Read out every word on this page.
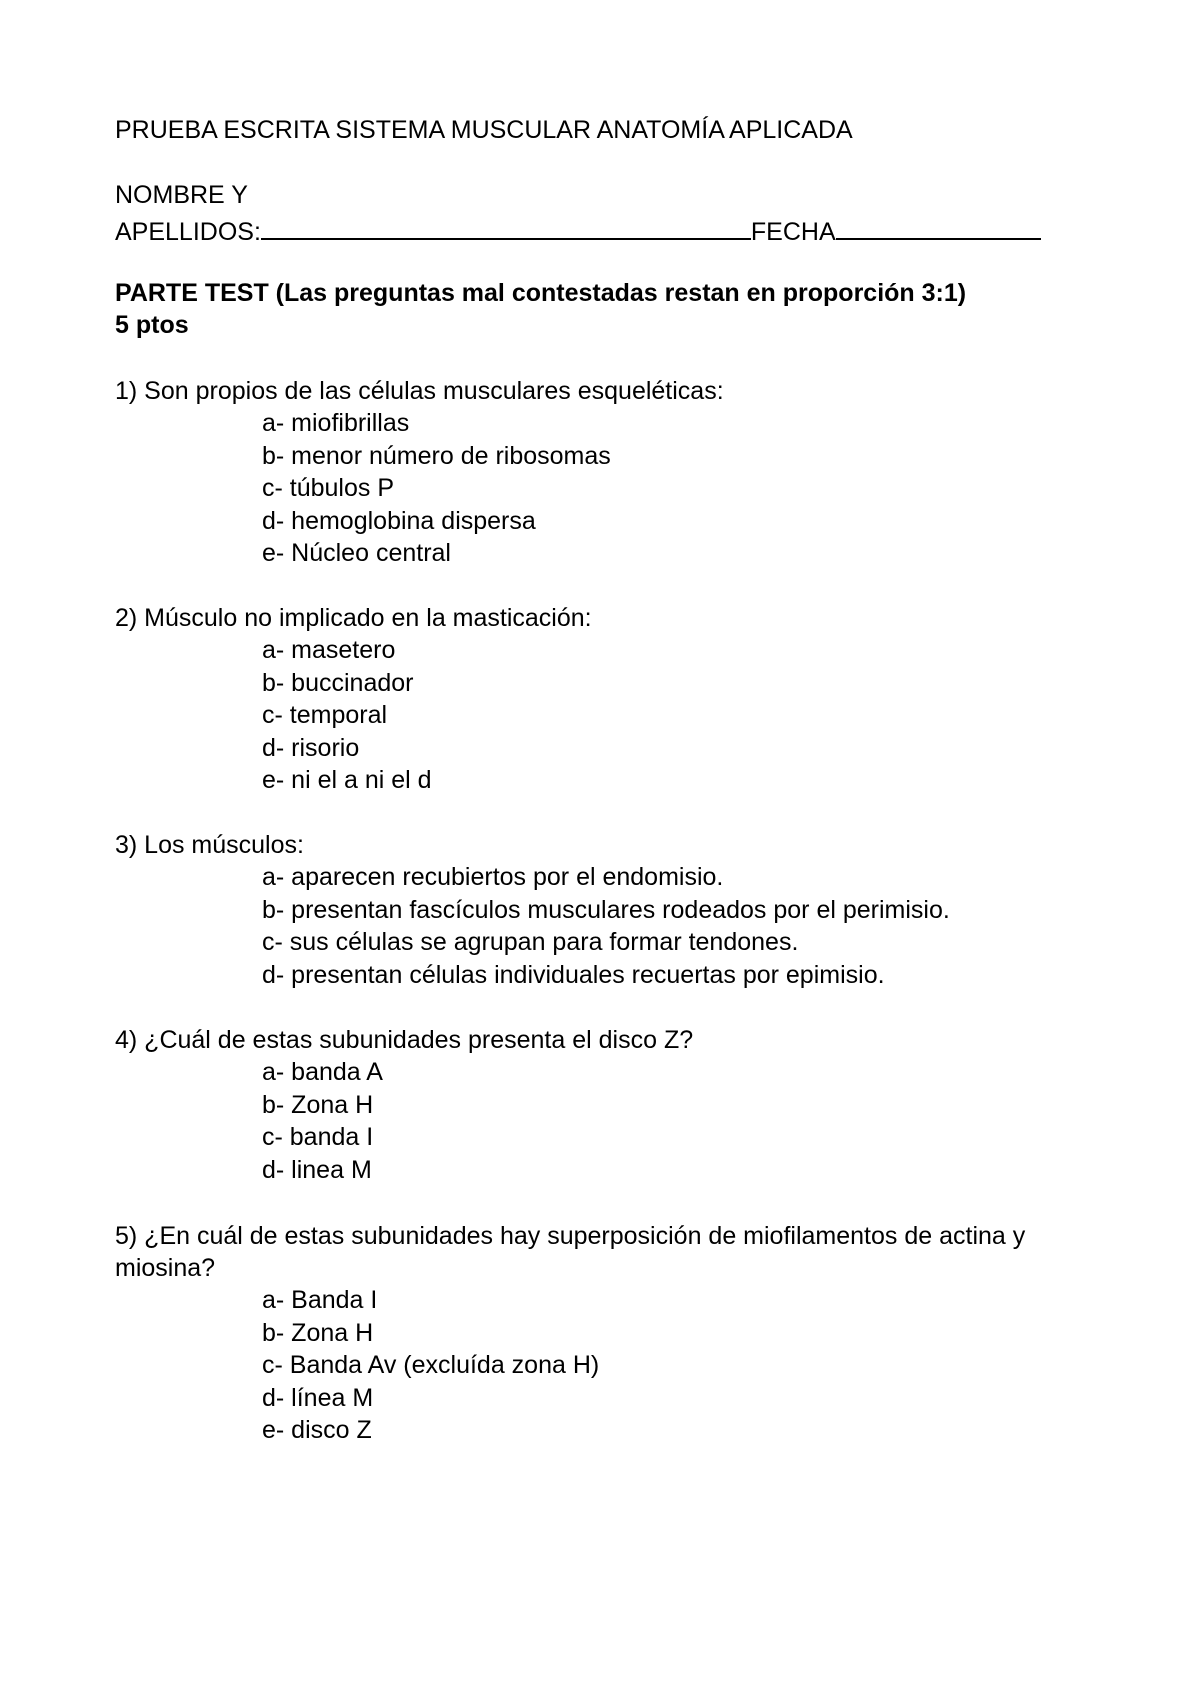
PRUEBA ESCRITA SISTEMA MUSCULAR ANATOMÍA APLICADA
NOMBRE Y
APELLIDOS:	FECHA
PARTE TEST (Las preguntas mal contestadas restan en proporción 3:1)
5 ptos
1) Son propios de las células musculares esqueléticas:
a- miofibrillas
b- menor número de ribosomas
c- túbulos P
d- hemoglobina dispersa
e- Núcleo central
2) Músculo no implicado en la masticación:
a- masetero
b- buccinador
c- temporal
d- risorio
e- ni el a ni el d
3) Los músculos:
a- aparecen recubiertos por el endomisio.
b- presentan fascículos musculares rodeados por el perimisio.
c- sus células se agrupan para formar tendones.
d- presentan células individuales recuertas por epimisio.
4) ¿Cuál de estas subunidades presenta el disco Z?
a- banda A
b- Zona H
c- banda I
d- linea M
5) ¿En cuál de estas subunidades hay superposición de miofilamentos de actina y miosina?
a- Banda I
b- Zona H
c- Banda Av (excluída zona H)
d- línea M
e- disco Z
